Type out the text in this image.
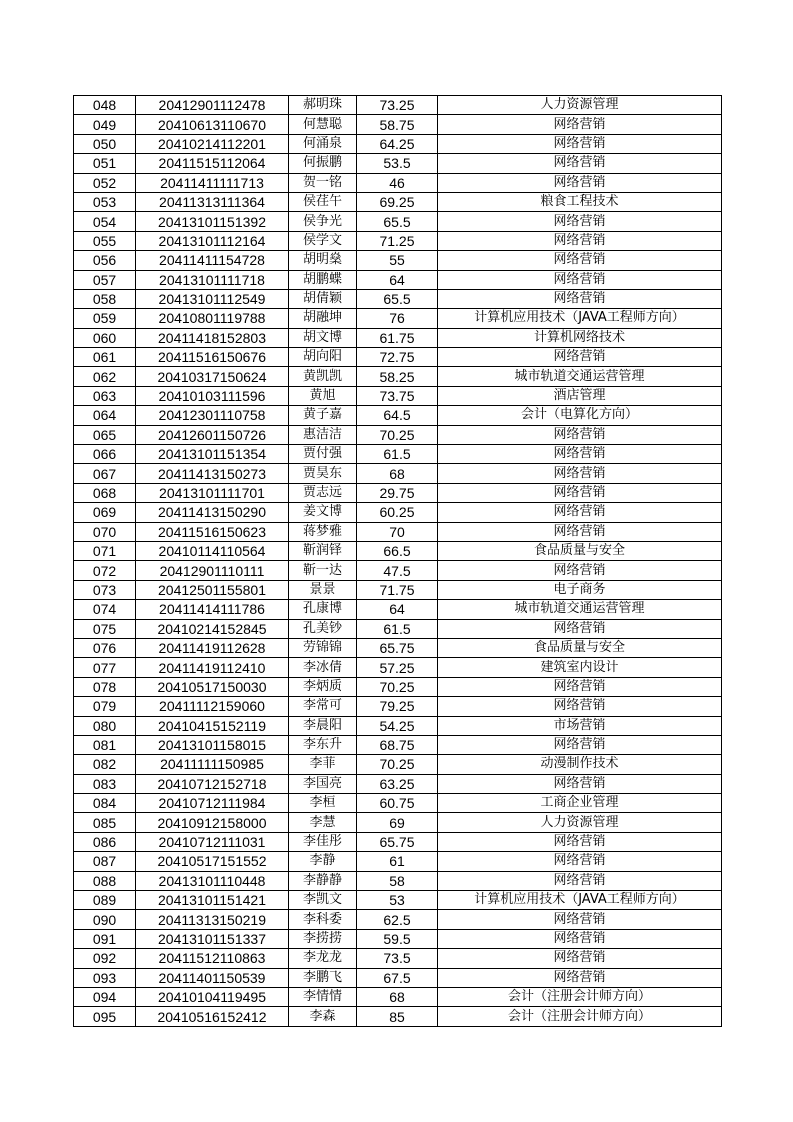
048	20412901112478	郝明珠	73.25	人力资源管理
049	20410613110670	何慧聪	58.75	网络营销
050	20410214112201	何涌泉	64.25	网络营销
051	20411515112064	何振鹏	53.5	网络营销
052	20411411111713	贺一铭	46	网络营销
053	20411313111364	侯荏午	69.25	粮食工程技术
054	20413101151392	侯争光	65.5	网络营销
055	20413101112164	侯学文	71.25	网络营销
056	20411411154728	胡明燊	55	网络营销
057	20413101111718	胡鹏蝶	64	网络营销
058	20413101112549	胡倩颖	65.5	网络营销
059	20410801119788	胡融坤	76	计算机应用技术（JAVA工程师方向）
060	20411418152803	胡文博	61.75	计算机网络技术
061	20411516150676	胡向阳	72.75	网络营销
062	20410317150624	黄凯凯	58.25	城市轨道交通运营管理
063	20410103111596	黄旭	73.75	酒店管理
064	20412301110758	黄子嘉	64.5	会计（电算化方向）
065	20412601150726	惠洁洁	70.25	网络营销
066	20413101151354	贾付强	61.5	网络营销
067	20411413150273	贾昊东	68	网络营销
068	20413101111701	贾志远	29.75	网络营销
069	20411413150290	姜文博	60.25	网络营销
070	20411516150623	蒋梦雅	70	网络营销
071	20410114110564	靳润铎	66.5	食品质量与安全
072	20412901110111	靳一达	47.5	网络营销
073	20412501155801	景景	71.75	电子商务
074	20411414111786	孔康博	64	城市轨道交通运营管理
075	20410214152845	孔美钞	61.5	网络营销
076	20411419112628	劳锦锦	65.75	食品质量与安全
077	20411419112410	李冰倩	57.25	建筑室内设计
078	20410517150030	李炳质	70.25	网络营销
079	20411112159060	李常可	79.25	网络营销
080	20410415152119	李晨阳	54.25	市场营销
081	20413101158015	李东升	68.75	网络营销
082	20411111150985	李菲	70.25	动漫制作技术
083	20410712152718	李国亮	63.25	网络营销
084	20410712111984	李桓	60.75	工商企业管理
085	20410912158000	李慧	69	人力资源管理
086	20410712111031	李佳彤	65.75	网络营销
087	20410517151552	李静	61	网络营销
088	20413101110448	李静静	58	网络营销
089	20413101151421	李凯文	53	计算机应用技术（JAVA工程师方向）
090	20411313150219	李科委	62.5	网络营销
091	20413101151337	李捞捞	59.5	网络营销
092	20411512110863	李龙龙	73.5	网络营销
093	20411401150539	李鹏飞	67.5	网络营销
094	20410104119495	李情情	68	会计（注册会计师方向）
095	20410516152412	李森	85	会计（注册会计师方向）
